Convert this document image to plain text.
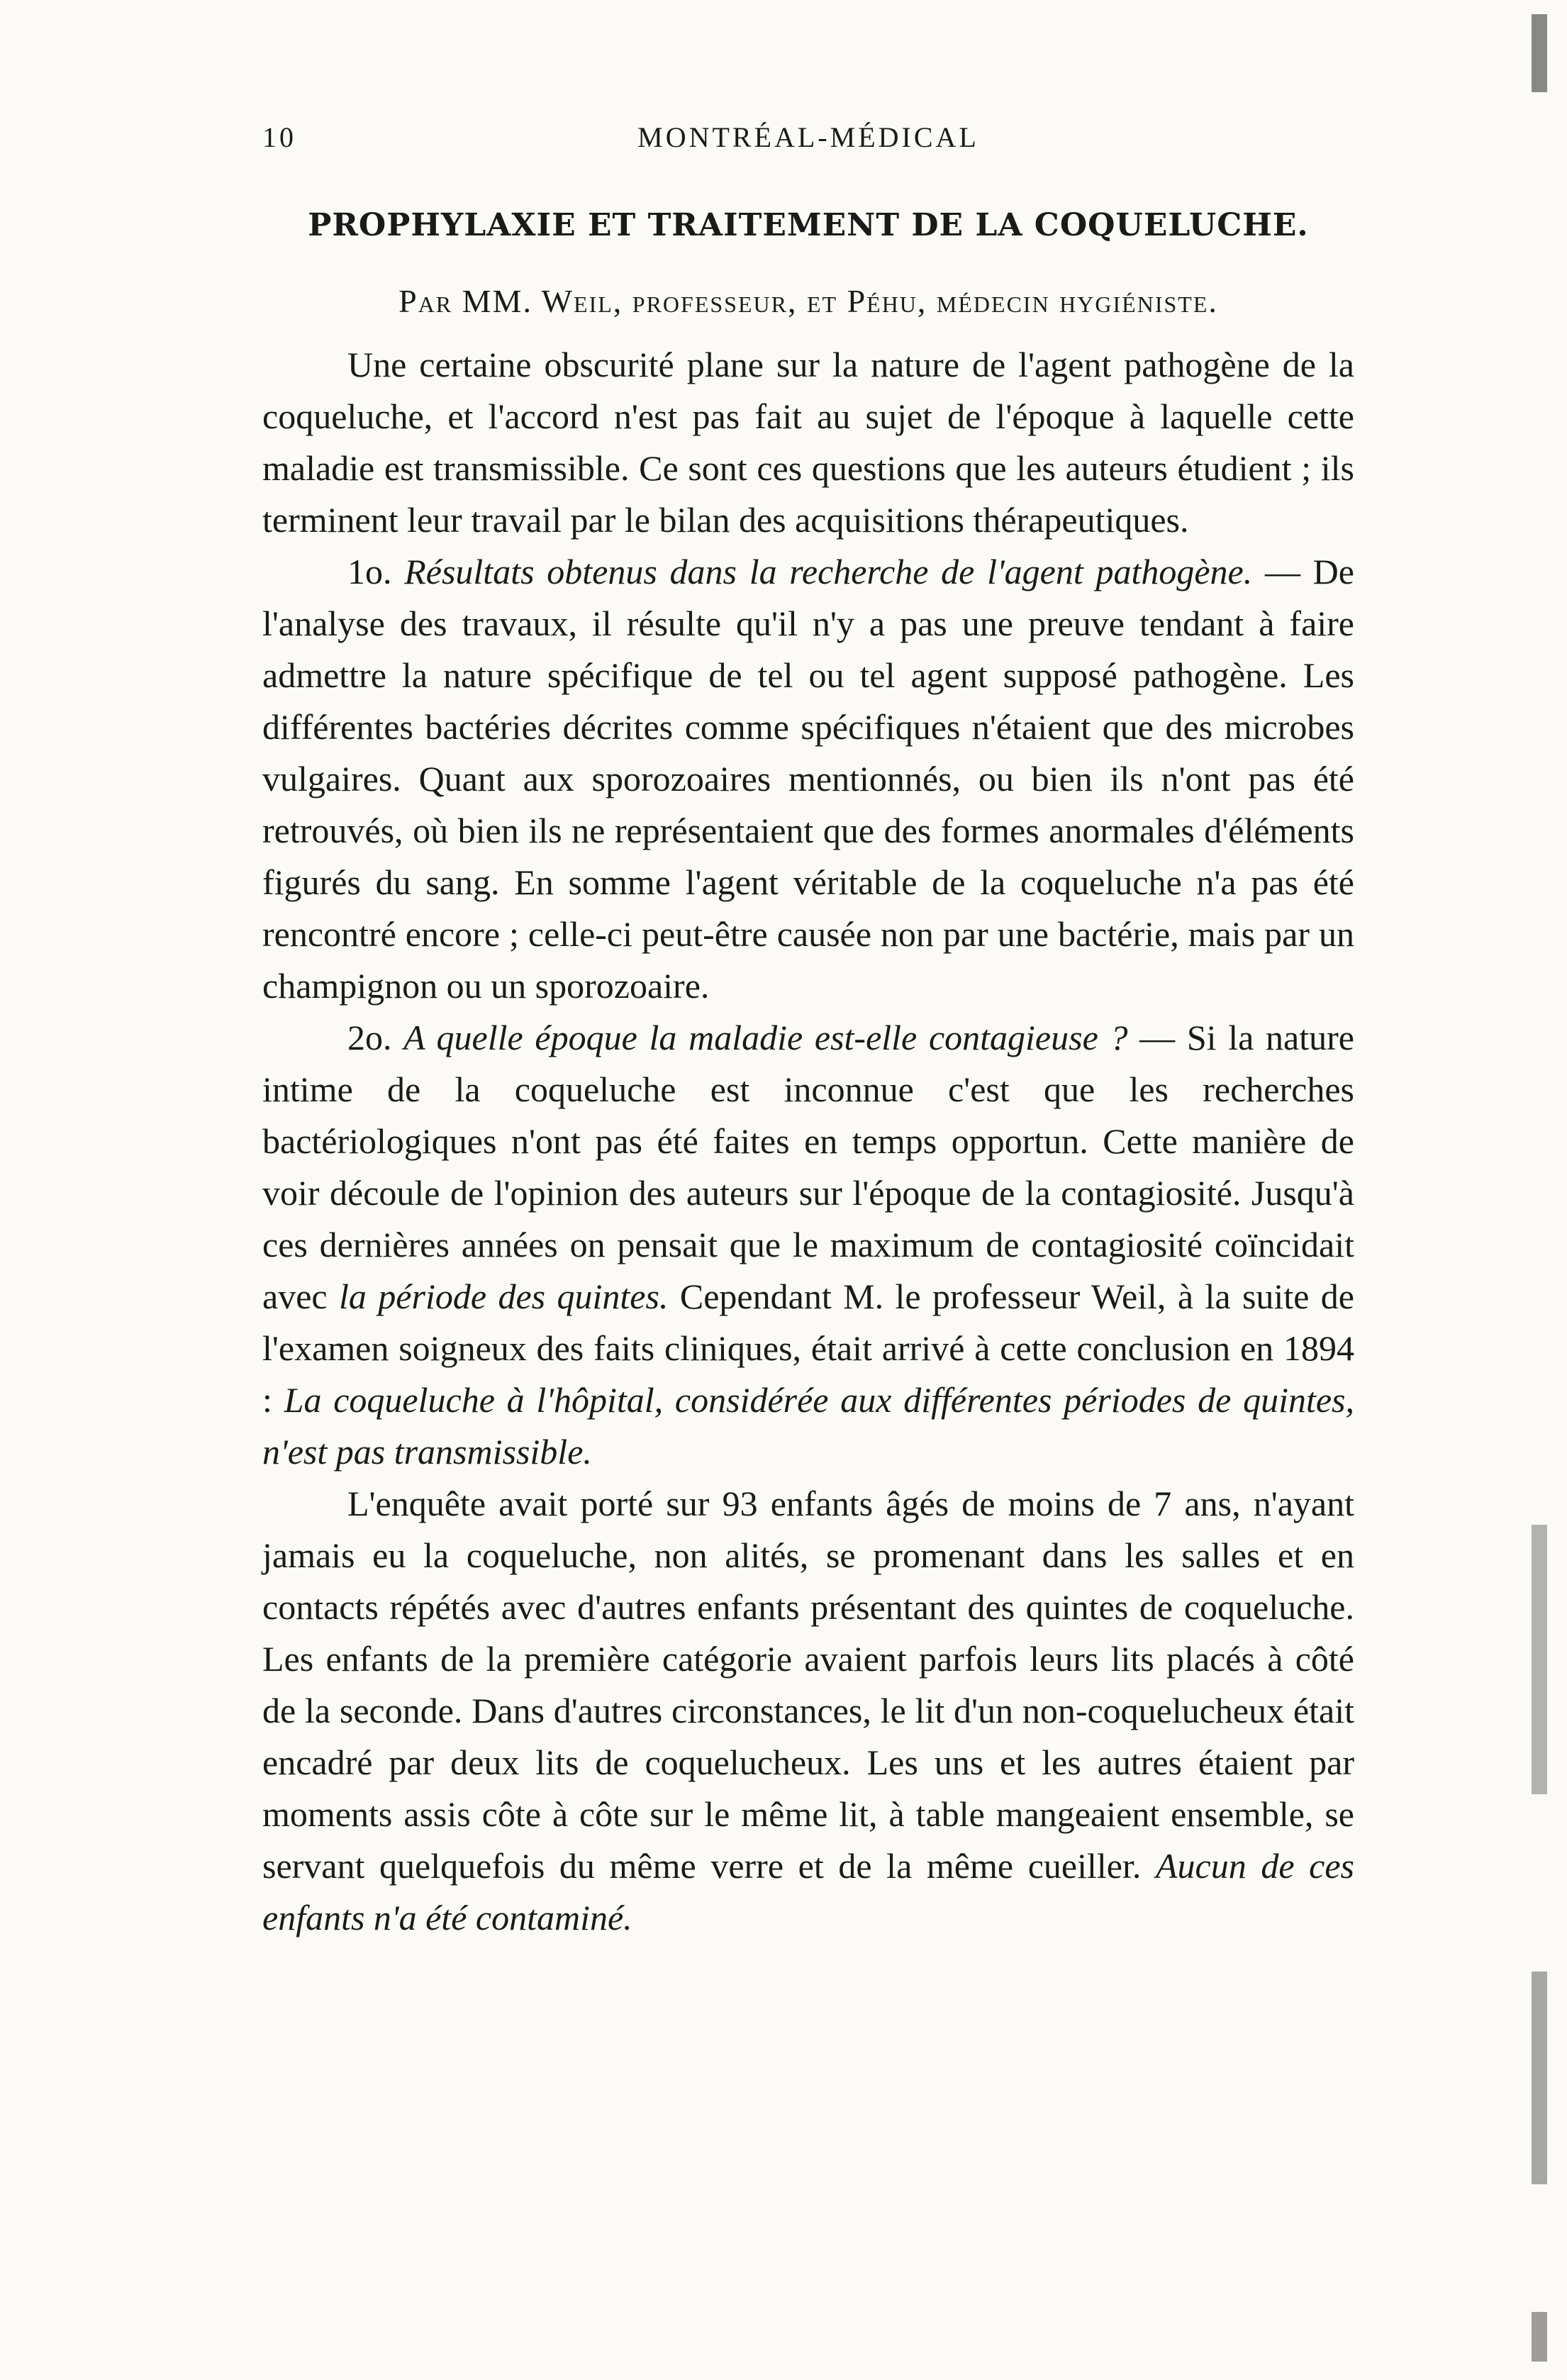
10	MONTRÉAL-MÉDICAL
PROPHYLAXIE ET TRAITEMENT DE LA COQUELUCHE.
Par MM. Weil, professeur, et Péhu, médecin hygiéniste.

Une certaine obscurité plane sur la nature de l'agent pathogène de la coqueluche, et l'accord n'est pas fait au sujet de l'époque à laquelle cette maladie est transmissible. Ce sont ces questions que les auteurs étudient ; ils terminent leur travail par le bilan des acquisitions thérapeutiques.

1o. Résultats obtenus dans la recherche de l'agent pathogène. — De l'analyse des travaux, il résulte qu'il n'y a pas une preuve tendant à faire admettre la nature spécifique de tel ou tel agent supposé pathogène. Les différentes bactéries décrites comme spécifiques n'étaient que des microbes vulgaires. Quant aux sporozoaires mentionnés, ou bien ils n'ont pas été retrouvés, où bien ils ne représentaient que des formes anormales d'éléments figurés du sang. En somme l'agent véritable de la coqueluche n'a pas été rencontré encore ; celle-ci peut-être causée non par une bactérie, mais par un champignon ou un sporozoaire.

2o. A quelle époque la maladie est-elle contagieuse ? — Si la nature intime de la coqueluche est inconnue c'est que les recherches bactériologiques n'ont pas été faites en temps opportun. Cette manière de voir découle de l'opinion des auteurs sur l'époque de la contagiosité. Jusqu'à ces dernières années on pensait que le maximum de contagiosité coïncidait avec la période des quintes. Cependant M. le professeur Weil, à la suite de l'examen soigneux des faits cliniques, était arrivé à cette conclusion en 1894 : La coqueluche à l'hôpital, considérée aux différentes périodes de quintes, n'est pas transmissible.

L'enquête avait porté sur 93 enfants âgés de moins de 7 ans, n'ayant jamais eu la coqueluche, non alités, se promenant dans les salles et en contacts répétés avec d'autres enfants présentant des quintes de coqueluche. Les enfants de la première catégorie avaient parfois leurs lits placés à côté de la seconde. Dans d'autres circonstances, le lit d'un non-coquelucheux était encadré par deux lits de coquelucheux. Les uns et les autres étaient par moments assis côte à côte sur le même lit, à table mangeaient ensemble, se servant quelquefois du même verre et de la même cueiller. Aucun de ces enfants n'a été contaminé.
